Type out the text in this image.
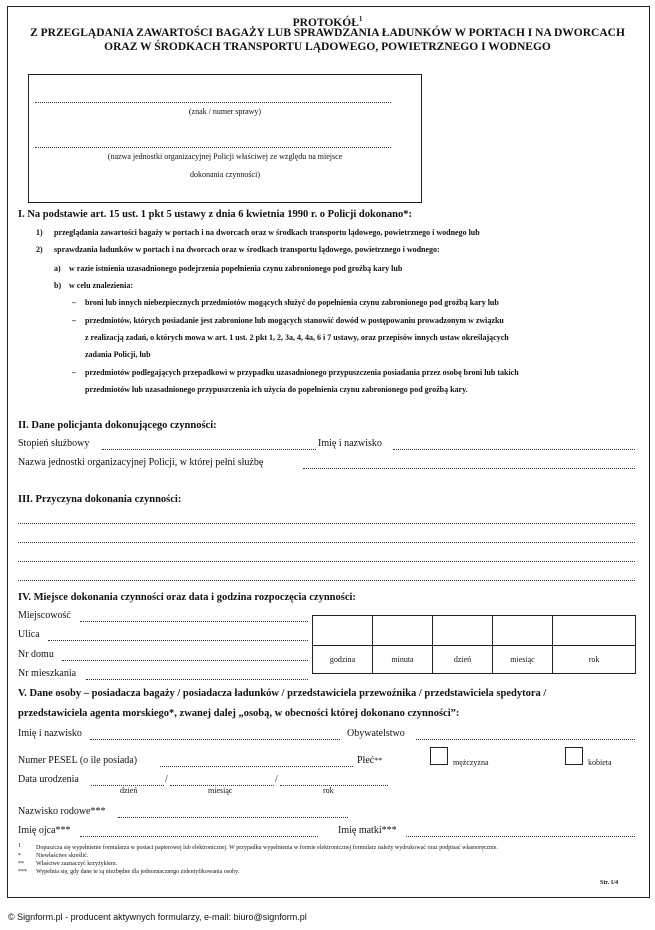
PROTOKÓŁ$^1$
Z PRZEGLĄDANIA ZAWARTOŚCI BAGAŻY LUB SPRAWDZANIA ŁADUNKÓW W PORTACH I NA DWORCACH
ORAZ W ŚRODKACH TRANSPORTU LĄDOWEGO, POWIETRZNEGO I WODNEGO
(znak / numer sprawy)
(nazwa jednostki organizacyjnej Policji właściwej ze względu na miejsce
dokonania czynności)
I. Na podstawie art. 15 ust. 1 pkt 5 ustawy z dnia 6 kwietnia 1990 r. o Policji dokonano*:
1) przeglądania zawartości bagaży w portach i na dworcach oraz w środkach transportu lądowego, powietrznego i wodnego lub
2) sprawdzania ładunków w portach i na dworcach oraz w środkach transportu lądowego, powietrznego i wodnego:
a) w razie istnienia uzasadnionego podejrzenia popełnienia czynu zabronionego pod groźbą kary lub
b) w celu znalezienia:
– broni lub innych niebezpiecznych przedmiotów mogących służyć do popełnienia czynu zabronionego pod groźbą kary lub
– przedmiotów, których posiadanie jest zabronione lub mogących stanowić dowód w postępowaniu prowadzonym w związku
z realizacją zadań, o których mowa w art. 1 ust. 2 pkt 1, 2, 3a, 4, 4a, 6 i 7 ustawy, oraz przepisów innych ustaw określających
zadania Policji, lub
– przedmiotów podlegających przepadkowi w przypadku uzasadnionego przypuszczenia posiadania przez osobę broni lub takich
przedmiotów lub uzasadnionego przypuszczenia ich użycia do popełnienia czynu zabronionego pod groźbą kary.
II. Dane policjanta dokonującego czynności:
Stopień służbowy	Imię i nazwisko
Nazwa jednostki organizacyjnej Policji, w której pełni służbę
III. Przyczyna dokonania czynności:
IV. Miejsce dokonania czynności oraz data i godzina rozpoczęcia czynności:
Miejscowość
Ulica
Nr domu
Nr mieszkania

godzina	minuta	dzień	miesiąc	rok
V. Dane osoby – posiadacza bagaży / posiadacza ładunków / przedstawiciela przewoźnika / przedstawiciela spedytora /
przedstawiciela agenta morskiego*, zwanej dalej „osobą, w obecności której dokonano czynności”:
Imię i nazwisko	Obywatelstwo
Numer PESEL (o ile posiada)	Płeć**	mężczyzna	kobieta
Data urodzenia	/	/
dzień	miesiąc	rok
Nazwisko rodowe***
Imię ojca***	Imię matki***
1	Dopuszcza się wypełnienie formularza w postaci papierowej lub elektronicznej. W przypadku wypełnienia w formie elektronicznej formularz należy wydrukować oraz podpisać własnoręcznie.
*	Niewłaściwe skreślić.
** Właściwe zaznaczyć krzyżykiem.
*** Wypełnia się, gdy dane te są niezbędne dla jednoznacznego zidentyfikowania osoby.
Str. 1/4
© Signform.pl - producent aktywnych formularzy, e-mail: biuro@signform.pl
